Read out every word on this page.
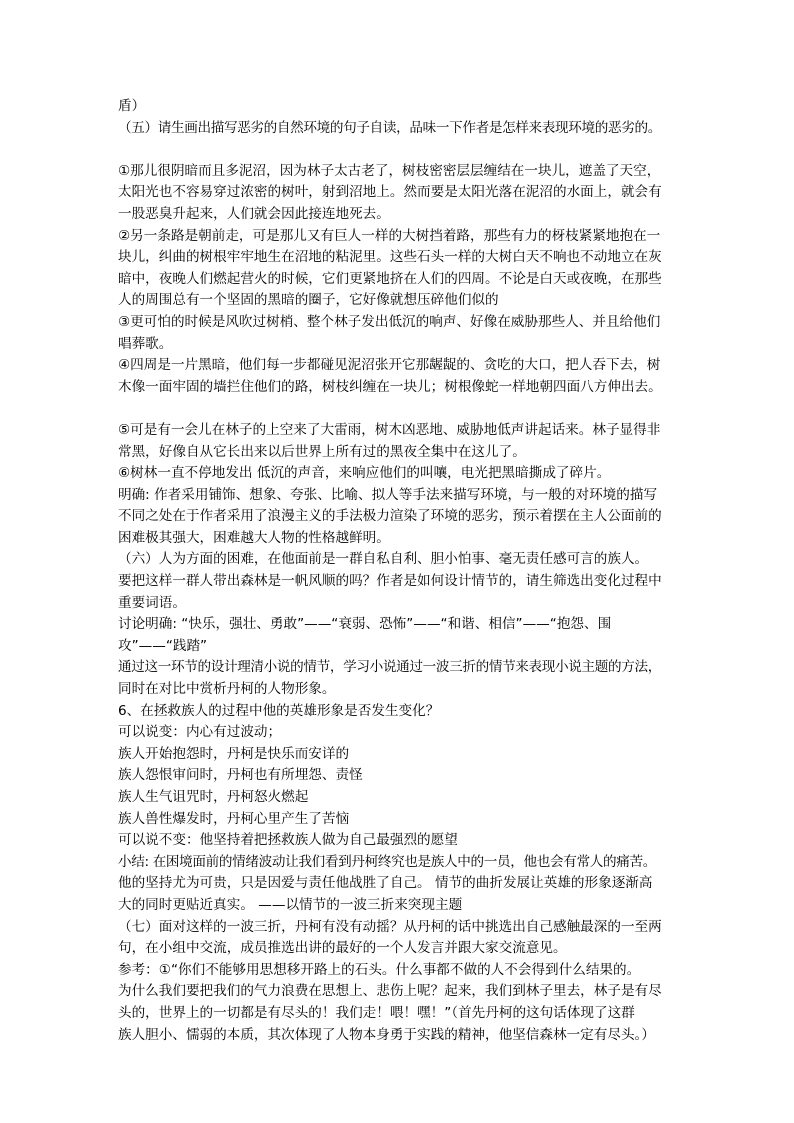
盾）
（五）请生画出描写恶劣的自然环境的句子自读，品味一下作者是怎样来表现环境的恶劣的。
①那儿很阴暗而且多泥沼，因为林子太古老了，树枝密密层层缠结在一块儿，遮盖了天空，
太阳光也不容易穿过浓密的树叶，射到沼地上。然而要是太阳光落在泥沼的水面上，就会有
一股恶臭升起来，人们就会因此接连地死去。
②另一条路是朝前走，可是那儿又有巨人一样的大树挡着路，那些有力的枒枝紧紧地抱在一
块儿，纠曲的树根牢牢地生在沼地的粘泥里。这些石头一样的大树白天不响也不动地立在灰
暗中，夜晚人们燃起营火的时候，它们更紧地挤在人们的四周。不论是白天或夜晚，在那些
人的周围总有一个坚固的黑暗的圈子，它好像就想压碎他们似的
③更可怕的时候是风吹过树梢、整个林子发出低沉的响声、好像在威胁那些人、并且给他们
唱葬歌。
④四周是一片黑暗，他们每一步都碰见泥沼张开它那龌龊的、贪吃的大口，把人吞下去，树
木像一面牢固的墙拦住他们的路，树枝纠缠在一块儿；树根像蛇一样地朝四面八方伸出去。
⑤可是有一会儿在林子的上空来了大雷雨，树木凶恶地、威胁地低声讲起话来。林子显得非
常黑，好像自从它长出来以后世界上所有过的黑夜全集中在这儿了。
⑥树林一直不停地发出 低沉的声音，来响应他们的叫嚷，电光把黑暗撕成了碎片。
明确: 作者采用铺饰、想象、夸张、比喻、拟人等手法来描写环境，与一般的对环境的描写
不同之处在于作者采用了浪漫主义的手法极力渲染了环境的恶劣，预示着摆在主人公面前的
困难极其强大，困难越大人物的性格越鲜明。
（六）人为方面的困难，在他面前是一群自私自利、胆小怕事、毫无责任感可言的族人。
要把这样一群人带出森林是一帆风顺的吗？作者是如何设计情节的，请生筛选出变化过程中
重要词语。
讨论明确: “快乐，强壮、勇敢”——“衰弱、恐怖”——“和谐、相信”——“抱怨、围
攻”——“践踏”
通过这一环节的设计理清小说的情节，学习小说通过一波三折的情节来表现小说主题的方法，
同时在对比中赏析丹柯的人物形象。
6、在拯救族人的过程中他的英雄形象是否发生变化？
可以说变：内心有过波动；
族人开始抱怨时，丹柯是快乐而安详的
族人怨恨审问时，丹柯也有所埋怨、责怪
族人生气诅咒时，丹柯怒火燃起
族人兽性爆发时，丹柯心里产生了苦恼
可以说不变：他坚持着把拯救族人做为自己最强烈的愿望
小结: 在困境面前的情绪波动让我们看到丹柯终究也是族人中的一员，他也会有常人的痛苦。
他的坚持尤为可贵，只是因爱与责任他战胜了自己。 情节的曲折发展让英雄的形象逐渐高
大的同时更贴近真实。 ——以情节的一波三折来突现主题
（七）面对这样的一波三折，丹柯有没有动摇？从丹柯的话中挑选出自己感触最深的一至两
句，在小组中交流，成员推选出讲的最好的一个人发言并跟大家交流意见。
参考：①“你们不能够用思想移开路上的石头。什么事都不做的人不会得到什么结果的。
为什么我们要把我们的气力浪费在思想上、悲伤上呢？起来，我们到林子里去，林子是有尽
头的，世界上的一切都是有尽头的！我们走！喂！嘿！”（首先丹柯的这句话体现了这群
族人胆小、懦弱的本质，其次体现了人物本身勇于实践的精神，他坚信森林一定有尽头。）
